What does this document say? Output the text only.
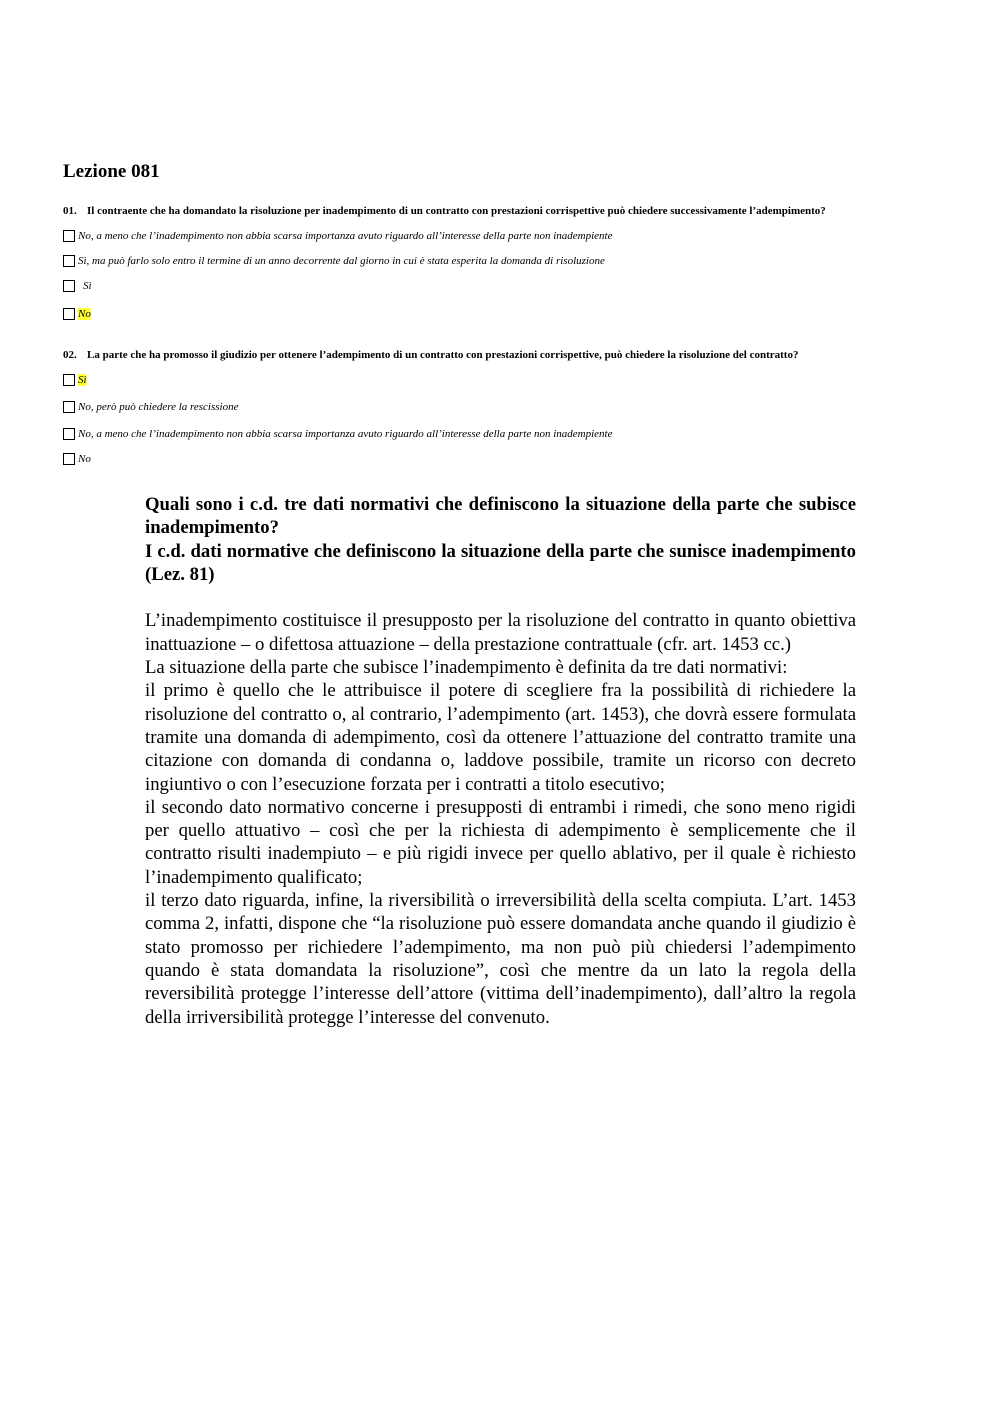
Lezione 081
01. Il contraente che ha domandato la risoluzione per inadempimento di un contratto con prestazioni corrispettive può chiedere successivamente l’adempimento?
No, a meno che l’inadempimento non abbia scarsa importanza avuto riguardo all’interesse della parte non inadempiente
Sì, ma può farlo solo entro il termine di un anno decorrente dal giorno in cui è stata esperita la domanda di risoluzione
Sì
No
02. La parte che ha promosso il giudizio per ottenere l’adempimento di un contratto con prestazioni corrispettive, può chiedere la risoluzione del contratto?
Sì
No, però può chiedere la rescissione
No, a meno che l’inadempimento non abbia scarsa importanza avuto riguardo all’interesse della parte non inadempiente
No

Quali sono i c.d. tre dati normativi che definiscono la situazione della parte che subisce inadempimento?

I c.d. dati normative che definiscono la situazione della parte che sunisce inadempimento (Lez. 81)

L’inadempimento costituisce il presupposto per la risoluzione del contratto in quanto obiettiva inattuazione – o difettosa attuazione – della prestazione contrattuale (cfr. art. 1453 cc.)

La situazione della parte che subisce l’inadempimento è definita da tre dati normativi:

il primo è quello che le attribuisce il potere di scegliere fra la possibilità di richiedere la risoluzione del contratto o, al contrario, l’adempimento (art. 1453), che dovrà essere formulata tramite una domanda di adempimento, così da ottenere l’attuazione del contratto tramite una citazione con domanda di condanna o, laddove possibile, tramite un ricorso con decreto ingiuntivo o con l’esecuzione forzata per i contratti a titolo esecutivo;

il secondo dato normativo concerne i presupposti di entrambi i rimedi, che sono meno rigidi per quello attuativo – così che per la richiesta di adempimento è semplicemente che il contratto risulti inadempiuto – e più rigidi invece per quello ablativo, per il quale è richiesto l’inadempimento qualificato;

il terzo dato riguarda, infine, la riversibilità o irreversibilità della scelta compiuta. L’art. 1453 comma 2, infatti, dispone che “la risoluzione può essere domandata anche quando il giudizio è stato promosso per richiedere l’adempimento, ma non può più chiedersi l’adempimento quando è stata domandata la risoluzione”, così che mentre da un lato la regola della reversibilità protegge l’interesse dell’attore (vittima dell’inadempimento), dall’altro la regola della irriversibilità protegge l’interesse del convenuto.
